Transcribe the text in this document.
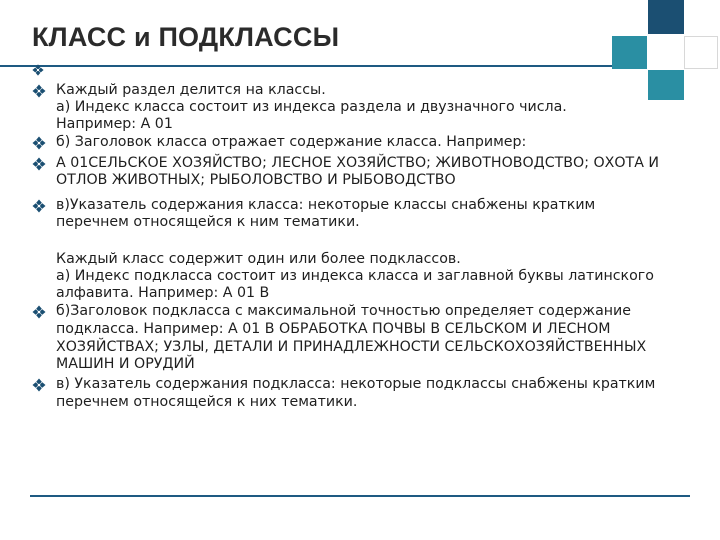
КЛАСС и ПОДКЛАССЫ
Каждый раздел делится на классы.
а) Индекс класса состоит из индекса раздела и двузначного числа.
Например: А 01
б) Заголовок класса отражает содержание класса. Например:
А 01СЕЛЬСКОЕ ХОЗЯЙСТВО; ЛЕСНОЕ ХОЗЯЙСТВО; ЖИВОТНОВОДСТВО; ОХОТА И
ОТЛОВ ЖИВОТНЫХ; РЫБОЛОВСТВО И РЫБОВОДСТВО
в)Указатель содержания класса: некоторые классы снабжены кратким
перечнем относящейся к ним тематики.
Каждый класс содержит один или более подклассов.
а) Индекс подкласса состоит из индекса класса и заглавной буквы латинского
алфавита. Например: А 01 В
б)Заголовок подкласса с максимальной точностью определяет содержание
подкласса. Например: А 01 В ОБРАБОТКА ПОЧВЫ В СЕЛЬСКОМ И ЛЕСНОМ
ХОЗЯЙСТВАХ; УЗЛЫ, ДЕТАЛИ И ПРИНАДЛЕЖНОСТИ СЕЛЬСКОХОЗЯЙСТВЕННЫХ
МАШИН И ОРУДИЙ
в) Указатель содержания подкласса: некоторые подклассы снабжены кратким
перечнем относящейся к них тематики.
